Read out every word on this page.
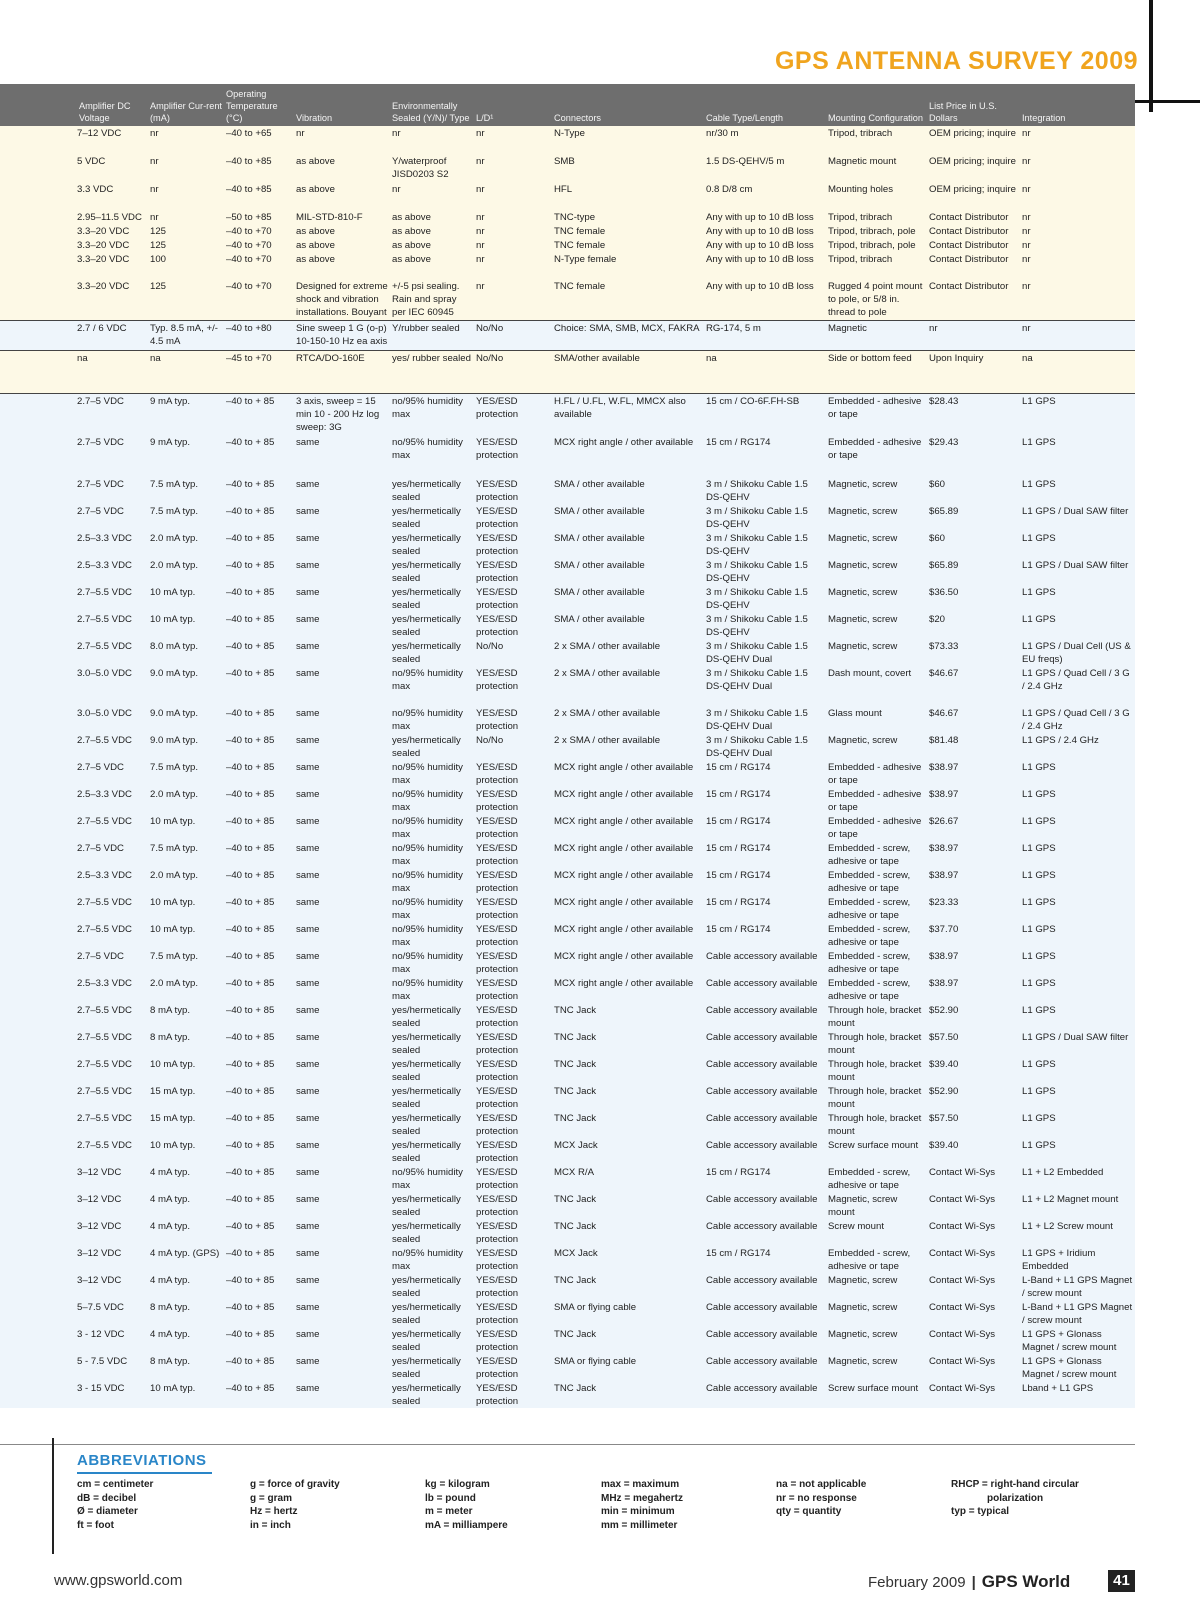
GPS ANTENNA SURVEY 2009
Amplifier DC Voltage	Amplifier Cur-rent (mA)	Operating Temperature (°C)	Vibration	Environmentally Sealed (Y/N)/ Type	L/D¹	Connectors	Cable Type/Length	Mounting Configuration	List Price in U.S. Dollars	Integration
7–12 VDC	nr	–40 to +65	nr	nr	nr	N-Type	nr/30 m	Tripod, tribrach	OEM pricing; inquire	nr
5 VDC	nr	–40 to +85	as above	Y/waterproof JISD0203 S2	nr	SMB	1.5 DS-QEHV/5 m	Magnetic mount	OEM pricing; inquire	nr
3.3 VDC	nr	–40 to +85	as above	nr	nr	HFL	0.8 D/8 cm	Mounting holes	OEM pricing; inquire	nr
2.95–11.5 VDC	nr	–50 to +85	MIL-STD-810-F	as above	nr	TNC-type	Any with up to 10 dB loss	Tripod, tribrach	Contact Distributor	nr
3.3–20 VDC	125	–40 to +70	as above	as above	nr	TNC female	Any with up to 10 dB loss	Tripod, tribrach, pole	Contact Distributor	nr
3.3–20 VDC	125	–40 to +70	as above	as above	nr	TNC female	Any with up to 10 dB loss	Tripod, tribrach, pole	Contact Distributor	nr
3.3–20 VDC	100	–40 to +70	as above	as above	nr	N-Type female	Any with up to 10 dB loss	Tripod, tribrach	Contact Distributor	nr
3.3–20 VDC	125	–40 to +70	Designed for extreme shock and vibration installations. Bouyant	+/-5 psi sealing. Rain and spray per IEC 60945	nr	TNC female	Any with up to 10 dB loss	Rugged 4 point mount to pole, or 5/8 in. thread to pole	Contact Distributor	nr
2.7 / 6 VDC	Typ. 8.5 mA, +/- 4.5 mA	–40 to +80	Sine sweep 1 G (o-p) 10-150-10 Hz ea axis	Y/rubber sealed	No/No	Choice: SMA, SMB, MCX, FAKRA	RG-174, 5 m	Magnetic	nr	nr
na	na	–45 to +70	RTCA/DO-160E	yes/ rubber sealed	No/No	SMA/other available	na	Side or bottom feed	Upon Inquiry	na
2.7–5 VDC	9 mA typ.	–40 to + 85	3 axis, sweep = 15 min 10 - 200 Hz log sweep: 3G	no/95% humidity max	YES/ESD protection	H.FL / U.FL, W.FL, MMCX also available	15 cm / CO-6F.FH-SB	Embedded - adhesive or tape	$28.43	L1 GPS
2.7–5 VDC	9 mA typ.	–40 to + 85	same	no/95% humidity max	YES/ESD protection	MCX right angle / other available	15 cm / RG174	Embedded - adhesive or tape	$29.43	L1 GPS
2.7–5 VDC	7.5 mA typ.	–40 to + 85	same	yes/hermetically sealed	YES/ESD protection	SMA / other available	3 m / Shikoku Cable 1.5 DS-QEHV	Magnetic, screw	$60	L1 GPS
2.7–5 VDC	7.5 mA typ.	–40 to + 85	same	yes/hermetically sealed	YES/ESD protection	SMA / other available	3 m / Shikoku Cable 1.5 DS-QEHV	Magnetic, screw	$65.89	L1 GPS / Dual SAW filter
2.5–3.3 VDC	2.0 mA typ.	–40 to + 85	same	yes/hermetically sealed	YES/ESD protection	SMA / other available	3 m / Shikoku Cable 1.5 DS-QEHV	Magnetic, screw	$60	L1 GPS
2.5–3.3 VDC	2.0 mA typ.	–40 to + 85	same	yes/hermetically sealed	YES/ESD protection	SMA / other available	3 m / Shikoku Cable 1.5 DS-QEHV	Magnetic, screw	$65.89	L1 GPS / Dual SAW filter
2.7–5.5 VDC	10 mA typ.	–40 to + 85	same	yes/hermetically sealed	YES/ESD protection	SMA / other available	3 m / Shikoku Cable 1.5 DS-QEHV	Magnetic, screw	$36.50	L1 GPS
2.7–5.5 VDC	10 mA typ.	–40 to + 85	same	yes/hermetically sealed	YES/ESD protection	SMA / other available	3 m / Shikoku Cable 1.5 DS-QEHV	Magnetic, screw	$20	L1 GPS
2.7–5.5 VDC	8.0 mA typ.	–40 to + 85	same	yes/hermetically sealed	No/No	2 x SMA / other available	3 m / Shikoku Cable 1.5 DS-QEHV Dual	Magnetic, screw	$73.33	L1 GPS / Dual Cell (US & EU freqs)
3.0–5.0 VDC	9.0 mA typ.	–40 to + 85	same	no/95% humidity max	YES/ESD protection	2 x SMA / other available	3 m / Shikoku Cable 1.5 DS-QEHV Dual	Dash mount, covert	$46.67	L1 GPS / Quad Cell / 3 G / 2.4 GHz
3.0–5.0 VDC	9.0 mA typ.	–40 to + 85	same	no/95% humidity max	YES/ESD protection	2 x SMA / other available	3 m / Shikoku Cable 1.5 DS-QEHV Dual	Glass mount	$46.67	L1 GPS / Quad Cell / 3 G / 2.4 GHz
2.7–5.5 VDC	9.0 mA typ.	–40 to + 85	same	yes/hermetically sealed	No/No	2 x SMA / other available	3 m / Shikoku Cable 1.5 DS-QEHV Dual	Magnetic, screw	$81.48	L1 GPS / 2.4 GHz
2.7–5 VDC	7.5 mA typ.	–40 to + 85	same	no/95% humidity max	YES/ESD protection	MCX right angle / other available	15 cm / RG174	Embedded - adhesive or tape	$38.97	L1 GPS
2.5–3.3 VDC	2.0 mA typ.	–40 to + 85	same	no/95% humidity max	YES/ESD protection	MCX right angle / other available	15 cm / RG174	Embedded - adhesive or tape	$38.97	L1 GPS
2.7–5.5 VDC	10 mA typ.	–40 to + 85	same	no/95% humidity max	YES/ESD protection	MCX right angle / other available	15 cm / RG174	Embedded - adhesive or tape	$26.67	L1 GPS
2.7–5 VDC	7.5 mA typ.	–40 to + 85	same	no/95% humidity max	YES/ESD protection	MCX right angle / other available	15 cm / RG174	Embedded - screw, adhesive or tape	$38.97	L1 GPS
2.5–3.3 VDC	2.0 mA typ.	–40 to + 85	same	no/95% humidity max	YES/ESD protection	MCX right angle / other available	15 cm / RG174	Embedded - screw, adhesive or tape	$38.97	L1 GPS
2.7–5.5 VDC	10 mA typ.	–40 to + 85	same	no/95% humidity max	YES/ESD protection	MCX right angle / other available	15 cm / RG174	Embedded - screw, adhesive or tape	$23.33	L1 GPS
2.7–5.5 VDC	10 mA typ.	–40 to + 85	same	no/95% humidity max	YES/ESD protection	MCX right angle / other available	15 cm / RG174	Embedded - screw, adhesive or tape	$37.70	L1 GPS
2.7–5 VDC	7.5 mA typ.	–40 to + 85	same	no/95% humidity max	YES/ESD protection	MCX right angle / other available	Cable accessory available	Embedded - screw, adhesive or tape	$38.97	L1 GPS
2.5–3.3 VDC	2.0 mA typ.	–40 to + 85	same	no/95% humidity max	YES/ESD protection	MCX right angle / other available	Cable accessory available	Embedded - screw, adhesive or tape	$38.97	L1 GPS
2.7–5.5 VDC	8 mA typ.	–40 to + 85	same	yes/hermetically sealed	YES/ESD protection	TNC Jack	Cable accessory available	Through hole, bracket mount	$52.90	L1 GPS
2.7–5.5 VDC	8 mA typ.	–40 to + 85	same	yes/hermetically sealed	YES/ESD protection	TNC Jack	Cable accessory available	Through hole, bracket mount	$57.50	L1 GPS / Dual SAW filter
2.7–5.5 VDC	10 mA typ.	–40 to + 85	same	yes/hermetically sealed	YES/ESD protection	TNC Jack	Cable accessory available	Through hole, bracket mount	$39.40	L1 GPS
2.7–5.5 VDC	15 mA typ.	–40 to + 85	same	yes/hermetically sealed	YES/ESD protection	TNC Jack	Cable accessory available	Through hole, bracket mount	$52.90	L1 GPS
2.7–5.5 VDC	15 mA typ.	–40 to + 85	same	yes/hermetically sealed	YES/ESD protection	TNC Jack	Cable accessory available	Through hole, bracket mount	$57.50	L1 GPS
2.7–5.5 VDC	10 mA typ.	–40 to + 85	same	yes/hermetically sealed	YES/ESD protection	MCX Jack	Cable accessory available	Screw surface mount	$39.40	L1 GPS
3–12 VDC	4 mA typ.	–40 to + 85	same	no/95% humidity max	YES/ESD protection	MCX R/A	15 cm / RG174	Embedded - screw, adhesive or tape	Contact Wi-Sys	L1 + L2 Embedded
3–12 VDC	4 mA typ.	–40 to + 85	same	yes/hermetically sealed	YES/ESD protection	TNC Jack	Cable accessory available	Magnetic, screw mount	Contact Wi-Sys	L1 + L2 Magnet mount
3–12 VDC	4 mA typ.	–40 to + 85	same	yes/hermetically sealed	YES/ESD protection	TNC Jack	Cable accessory available	Screw mount	Contact Wi-Sys	L1 + L2 Screw mount
3–12 VDC	4 mA typ. (GPS)	–40 to + 85	same	no/95% humidity max	YES/ESD protection	MCX Jack	15 cm / RG174	Embedded - screw, adhesive or tape	Contact Wi-Sys	L1 GPS + Iridium Embedded
3–12 VDC	4 mA typ.	–40 to + 85	same	yes/hermetically sealed	YES/ESD protection	TNC Jack	Cable accessory available	Magnetic, screw	Contact Wi-Sys	L-Band + L1 GPS Magnet / screw mount
5–7.5 VDC	8 mA typ.	–40 to + 85	same	yes/hermetically sealed	YES/ESD protection	SMA or flying cable	Cable accessory available	Magnetic, screw	Contact Wi-Sys	L-Band + L1 GPS Magnet / screw mount
3 - 12 VDC	4 mA typ.	–40 to + 85	same	yes/hermetically sealed	YES/ESD protection	TNC Jack	Cable accessory available	Magnetic, screw	Contact Wi-Sys	L1 GPS + Glonass Magnet / screw mount
5 - 7.5 VDC	8 mA typ.	–40 to + 85	same	yes/hermetically sealed	YES/ESD protection	SMA or flying cable	Cable accessory available	Magnetic, screw	Contact Wi-Sys	L1 GPS + Glonass Magnet / screw mount
3 - 15 VDC	10 mA typ.	–40 to + 85	same	yes/hermetically sealed	YES/ESD protection	TNC Jack	Cable accessory available	Screw surface mount	Contact Wi-Sys	Lband + L1 GPS
ABBREVIATIONS
cm = centimeter
dB = decibel
Ø = diameter
ft = foot
g = force of gravity
g = gram
Hz = hertz
in = inch
kg = kilogram
lb = pound
m = meter
mA = milliampere
max = maximum
MHz = megahertz
min = minimum
mm = millimeter
na = not applicable
nr = no response
qty = quantity
RHCP = right-hand circular
polarization
typ = typical
www.gpsworld.com	February 2009 | GPS World	41
